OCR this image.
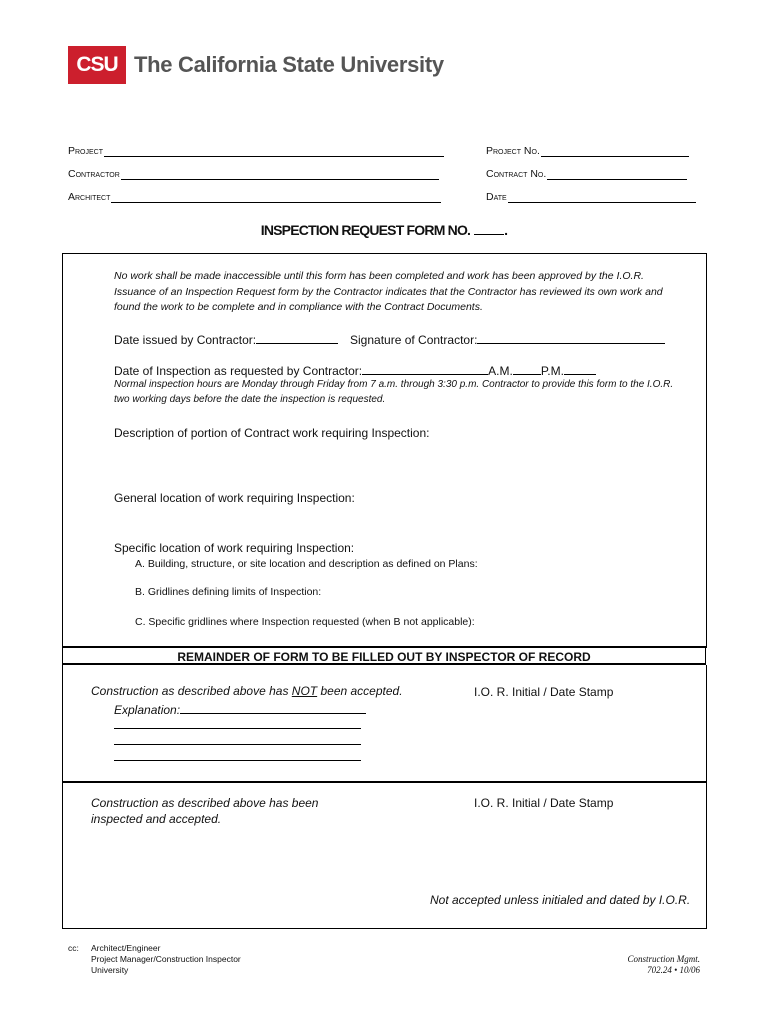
CSU The California State University
Project
Contractor
Architect
Project No.
Contract No.
Date
INSPECTION REQUEST FORM NO. .
No work shall be made inaccessible until this form has been completed and work has been approved by the I.O.R. Issuance of an Inspection Request form by the Contractor indicates that the Contractor has reviewed its own work and found the work to be complete and in compliance with the Contract Documents.
Date issued by Contractor:	Signature of Contractor:
Date of Inspection as requested by Contractor:	A.M. P.M.
Normal inspection hours are Monday through Friday from 7 a.m. through 3:30 p.m. Contractor to provide this form to the I.O.R. two working days before the date the inspection is requested.
Description of portion of Contract work requiring Inspection:
General location of work requiring Inspection:
Specific location of work requiring Inspection:
A. Building, structure, or site location and description as defined on Plans:
B. Gridlines defining limits of Inspection:
C. Specific gridlines where Inspection requested (when B not applicable):
REMAINDER OF FORM TO BE FILLED OUT BY INSPECTOR OF RECORD
Construction as described above has NOT been accepted.
Explanation:
I.O. R. Initial / Date Stamp
Construction as described above has been
inspected and accepted.
I.O. R. Initial / Date Stamp
Not accepted unless initialed and dated by I.O.R.
cc: Architect/Engineer
Project Manager/Construction Inspector
University
Construction Mgmt.
702.24 • 10/06
